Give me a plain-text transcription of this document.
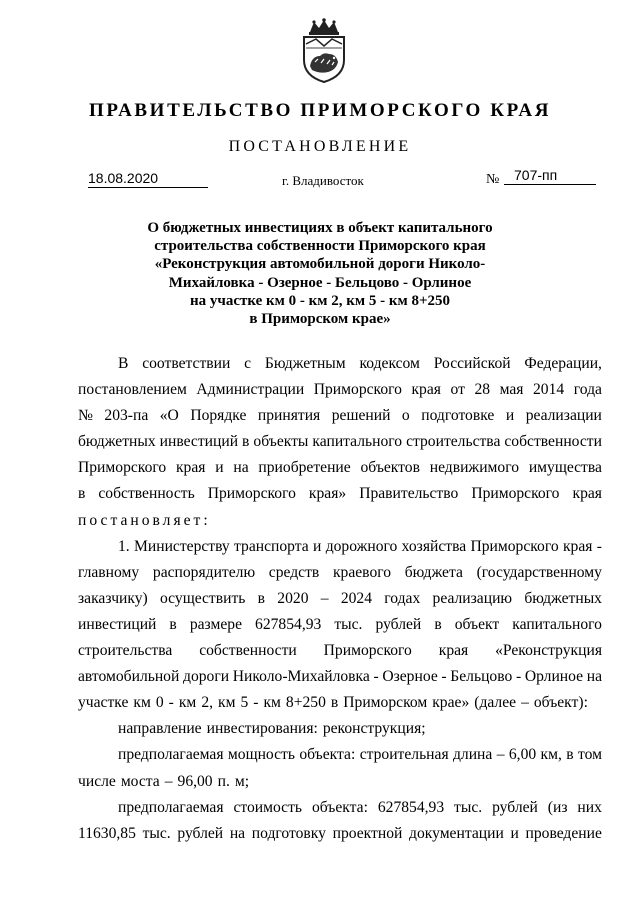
ПРАВИТЕЛЬСТВО ПРИМОРСКОГО КРАЯ
ПОСТАНОВЛЕНИЕ
18.08.2020	г. Владивосток	№	707-пп
О бюджетных инвестициях в объект капитального
строительства собственности Приморского края
«Реконструкция автомобильной дороги Николо-
Михайловка - Озерное - Бельцово - Орлиное
на участке км 0 - км 2, км 5 - км 8+250
в Приморском крае»
В соответствии с Бюджетным кодексом Российской Федерации,
постановлением Администрации Приморского края от 28 мая 2014 года
№ 203-па «О Порядке принятия решений о подготовке и реализации
бюджетных инвестиций в объекты капитального строительства собственности
Приморского края и на приобретение объектов недвижимого имущества
в собственность Приморского края» Правительство Приморского края
постановляет:
1. Министерству транспорта и дорожного хозяйства Приморского края -
главному распорядителю средств краевого бюджета (государственному
заказчику) осуществить в 2020 – 2024 годах реализацию бюджетных
инвестиций в размере 627854,93 тыс. рублей в объект капитального
строительства собственности Приморского края «Реконструкция
автомобильной дороги Николо-Михайловка - Озерное - Бельцово - Орлиное на
участке км 0 - км 2, км 5 - км 8+250 в Приморском крае» (далее – объект):
направление инвестирования: реконструкция;
предполагаемая мощность объекта: строительная длина – 6,00 км, в том
числе моста – 96,00 п. м;
предполагаемая стоимость объекта: 627854,93 тыс. рублей (из них
11630,85 тыс. рублей на подготовку проектной документации и проведение
